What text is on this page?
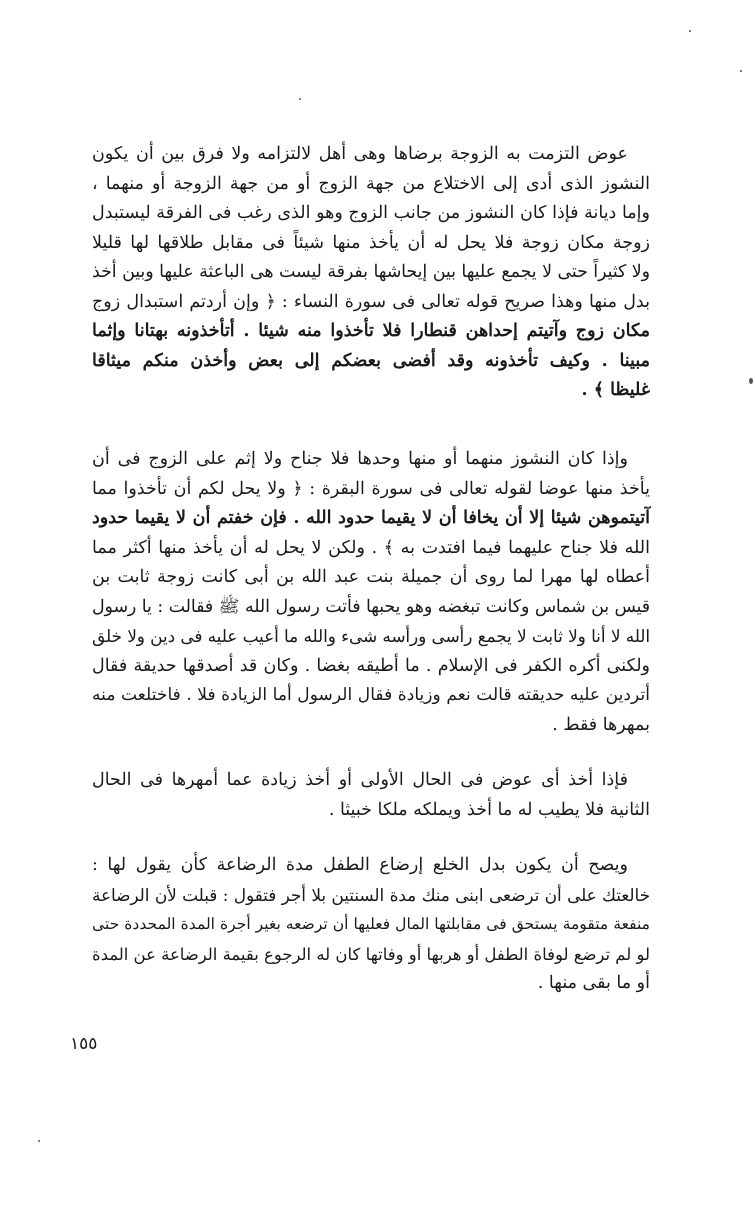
عوض التزمت به الزوجة برضاها وهى أهل لالتزامه ولا فرق بين أن يكون
النشوز الذى أدى إلى الاختلاع من جهة الزوج أو من جهة الزوجة أو منهما ،
وإما ديانة فإذا كان النشوز من جانب الزوج وهو الذى رغب فى الفرقة ليستبدل
زوجة مكان زوجة فلا يحل له أن يأخذ منها شيئاً فى مقابل طلاقها لها قليلا
ولا كثيراً حتى لا يجمع عليها بين إيحاشها بفرقة ليست هى الباعثة عليها وبين أخذ
بدل منها وهذا صريح قوله تعالى فى سورة النساء : ﴿ وإن أردتم استبدال زوج
مكان زوج وآتيتم إحداهن قنطارا فلا تأخذوا منه شيئا . أتأخذونه بهتانا وإثما
مبينا . وكيف تأخذونه وقد أفضى بعضكم إلى بعض وأخذن منكم ميثاقا
غليظا ﴾ .
وإذا كان النشوز منهما أو منها وحدها فلا جناح ولا إثم على الزوج فى أن
يأخذ منها عوضا لقوله تعالى فى سورة البقرة : ﴿ ولا يحل لكم أن تأخذوا مما
آتيتموهن شيئا إلا أن يخافا أن لا يقيما حدود الله . فإن خفتم أن لا يقيما حدود
الله فلا جناح عليهما فيما افتدت به ﴾ . ولكن لا يحل له أن يأخذ منها أكثر مما
أعطاه لها مهرا لما روى أن جميلة بنت عبد الله بن أبى كانت زوجة ثابت بن
قيس بن شماس وكانت تبغضه وهو يحبها فأتت رسول الله ﷺ فقالت : يا رسول
الله لا أنا ولا ثابت لا يجمع رأسى ورأسه شىء والله ما أعيب عليه فى دين ولا خلق
ولكنى أكره الكفر فى الإسلام . ما أطيقه بغضا . وكان قد أصدقها حديقة فقال
أتردين عليه حديقته قالت نعم وزيادة فقال الرسول أما الزيادة فلا . فاختلعت منه
بمهرها فقط .
فإذا أخذ أى عوض فى الحال الأولى أو أخذ زيادة عما أمهرها فى الحال
الثانية فلا يطيب له ما أخذ ويملكه ملكا خبيثا .
ويصح أن يكون بدل الخلع إرضاع الطفل مدة الرضاعة كأن يقول لها :
خالعتك على أن ترضعى ابنى منك مدة السنتين بلا أجر فتقول : قبلت لأن الرضاعة
منفعة متقومة يستحق فى مقابلتها المال فعليها أن ترضعه بغير أجرة المدة المحددة حتى
لو لم ترضع لوفاة الطفل أو هربها أو وفاتها كان له الرجوع بقيمة الرضاعة عن المدة
أو ما بقى منها .
١٥٥
